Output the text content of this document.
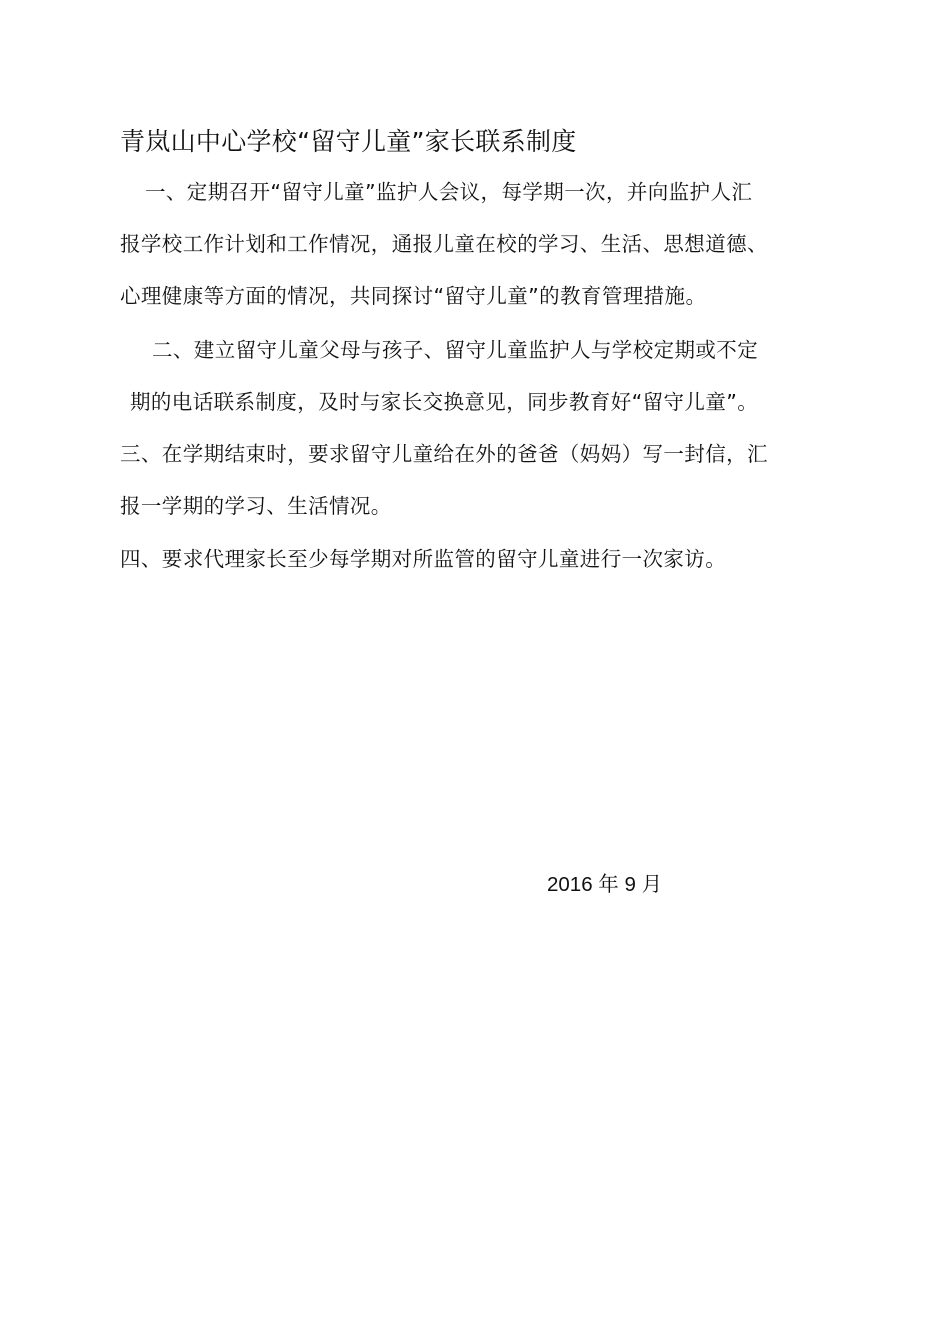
青岚山中心学校“留守儿童”家长联系制度
一、定期召开“留守儿童”监护人会议，每学期一次，并向监护人汇
报学校工作计划和工作情况，通报儿童在校的学习、生活、思想道德、
心理健康等方面的情况，共同探讨“留守儿童”的教育管理措施。
二、建立留守儿童父母与孩子、留守儿童监护人与学校定期或不定
期的电话联系制度，及时与家长交换意见，同步教育好“留守儿童”。
三、在学期结束时，要求留守儿童给在外的爸爸（妈妈）写一封信，汇
报一学期的学习、生活情况。
四、要求代理家长至少每学期对所监管的留守儿童进行一次家访。
2016 年 9 月
